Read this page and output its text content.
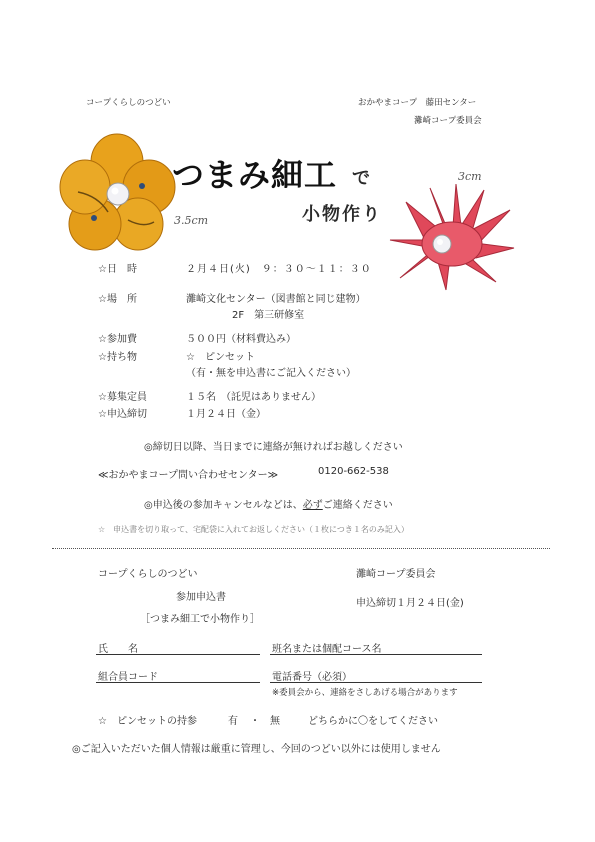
コープくらしのつどい	おかやまコープ　藤田センター
灘崎コープ委員会
つまみ細工 で
小物作り
3.5cm
3cm
☆日　時	２月４日(火)　９：３０～１１：３０
☆場　所	灘崎文化センター（図書館と同じ建物）
2F　第三研修室
☆参加費	５００円（材料費込み）
☆持ち物	☆　ピンセット
（有・無を申込書にご記入ください）
☆募集定員	１５名　（託児はありません）
☆申込締切	１月２４日（金）
◎締切日以降、当日までに連絡が無ければお越しください
≪おかやまコープ問い合わせセンター≫	0120-662-538
◎申込後の参加キャンセルなどは、必ずご連絡ください
☆　申込書を切り取って、宅配袋に入れてお返しください（１枚につき１名のみ記入）
コープくらしのつどい	灘崎コープ委員会
参加申込書
申込締切１月２４日(金)
［つまみ細工で小物作り］
氏　　名	班名または個配コース名
組合員コード	電話番号（必須）
※委員会から、連絡をさしあげる場合があります
☆　ピンセットの持参	有 ・ 無	どちらかに〇をしてください
◎ご記入いただいた個人情報は厳重に管理し、今回のつどい以外には使用しません
